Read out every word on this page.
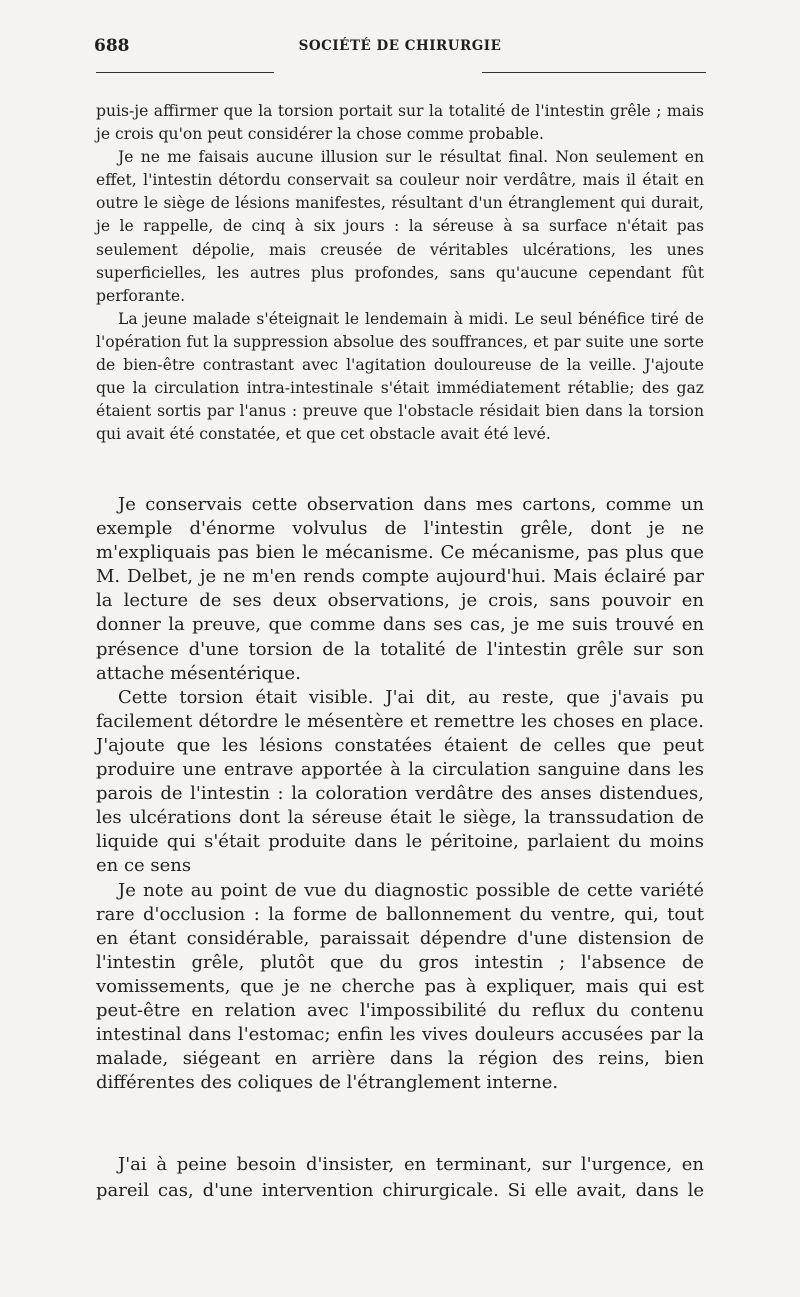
688	SOCIÉTÉ DE CHIRURGIE

puis-je affirmer que la torsion portait sur la totalité de l'intestin grêle ; mais je crois qu'on peut considérer la chose comme probable.

Je ne me faisais aucune illusion sur le résultat final. Non seulement en effet, l'intestin détordu conservait sa couleur noir verdâtre, mais il était en outre le siège de lésions manifestes, résultant d'un étranglement qui durait, je le rappelle, de cinq à six jours : la séreuse à sa surface n'était pas seulement dépolie, mais creusée de véritables ulcérations, les unes superficielles, les autres plus profondes, sans qu'aucune cependant fût perforante.

La jeune malade s'éteignait le lendemain à midi. Le seul bénéfice tiré de l'opération fut la suppression absolue des souffrances, et par suite une sorte de bien-être contrastant avec l'agitation douloureuse de la veille. J'ajoute que la circulation intra-intestinale s'était immédiatement rétablie; des gaz étaient sortis par l'anus : preuve que l'obstacle résidait bien dans la torsion qui avait été constatée, et que cet obstacle avait été levé.

Je conservais cette observation dans mes cartons, comme un exemple d'énorme volvulus de l'intestin grêle, dont je ne m'expliquais pas bien le mécanisme. Ce mécanisme, pas plus que M. Delbet, je ne m'en rends compte aujourd'hui. Mais éclairé par la lecture de ses deux observations, je crois, sans pouvoir en donner la preuve, que comme dans ses cas, je me suis trouvé en présence d'une torsion de la totalité de l'intestin grêle sur son attache mésentérique.

Cette torsion était visible. J'ai dit, au reste, que j'avais pu facilement détordre le mésentère et remettre les choses en place. J'ajoute que les lésions constatées étaient de celles que peut produire une entrave apportée à la circulation sanguine dans les parois de l'intestin : la coloration verdâtre des anses distendues, les ulcérations dont la séreuse était le siège, la transsudation de liquide qui s'était produite dans le péritoine, parlaient du moins en ce sens

Je note au point de vue du diagnostic possible de cette variété rare d'occlusion : la forme de ballonnement du ventre, qui, tout en étant considérable, paraissait dépendre d'une distension de l'intestin grêle, plutôt que du gros intestin ; l'absence de vomissements, que je ne cherche pas à expliquer, mais qui est peut-être en relation avec l'impossibilité du reflux du contenu intestinal dans l'estomac; enfin les vives douleurs accusées par la malade, siégeant en arrière dans la région des reins, bien différentes des coliques de l'étranglement interne.

J'ai à peine besoin d'insister, en terminant, sur l'urgence, en pareil cas, d'une intervention chirurgicale. Si elle avait, dans le
